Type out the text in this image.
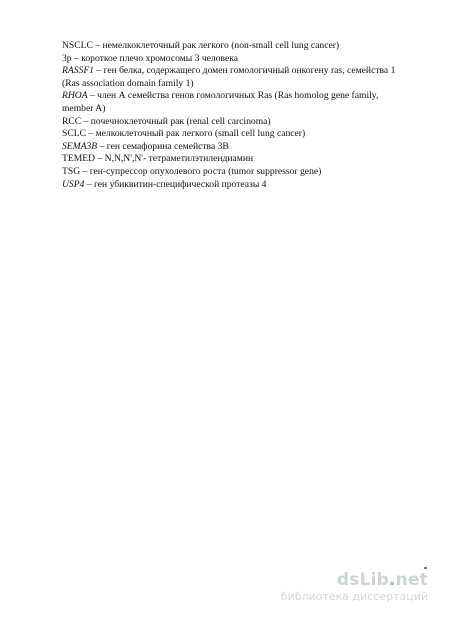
NSCLC – немелкоклеточный рак легкого (non-small cell lung cancer)
3p – короткое плечо хромосомы 3 человека
RASSF1 – ген белка, содержащего домен гомологичный онкогену ras, семейства 1 (Ras association domain family 1)
RHOA – член А семейства генов гомологичных Ras (Ras homolog gene family, member A)
RCC – почечноклеточный рак (renal cell carcinoma)
SCLC – мелкоклеточный рак легкого (small cell lung cancer)
SEMA3B – ген семафорина семейства 3B
TEMED – N,N,N',N'- тетраметилэтилендиамин
TSG – ген-супрессор опухолевого роста (tumor suppressor gene)
USP4 – ген убиквитин-специфической протеазы 4
dsLib.net
библиотека диссертаций
